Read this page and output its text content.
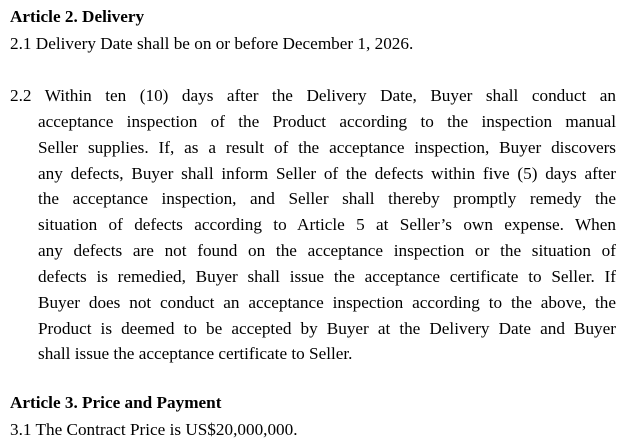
Article 2. Delivery
2.1 Delivery Date shall be on or before December 1, 2026.
2.2 Within ten (10) days after the Delivery Date, Buyer shall conduct an
acceptance inspection of the Product according to the inspection manual
Seller supplies. If, as a result of the acceptance inspection, Buyer discovers
any defects, Buyer shall inform Seller of the defects within five (5) days after
the acceptance inspection, and Seller shall thereby promptly remedy the
situation of defects according to Article 5 at Seller’s own expense. When
any defects are not found on the acceptance inspection or the situation of
defects is remedied, Buyer shall issue the acceptance certificate to Seller. If
Buyer does not conduct an acceptance inspection according to the above, the
Product is deemed to be accepted by Buyer at the Delivery Date and Buyer
shall issue the acceptance certificate to Seller.
Article 3. Price and Payment
3.1 The Contract Price is US$20,000,000.
